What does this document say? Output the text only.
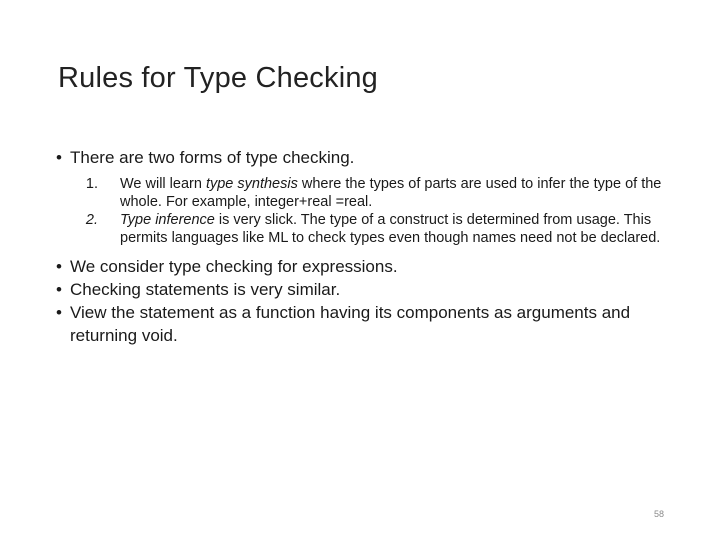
Rules for Type Checking

• There are two forms of type checking.

1. We will learn type synthesis where the types of parts are used to infer the type of the whole. For example, integer+real =real.

2. Type inference is very slick. The type of a construct is determined from usage. This permits languages like ML to check types even though names need not be declared.

• We consider type checking for expressions.

• Checking statements is very similar.

• View the statement as a function having its components as arguments and returning void.

58
